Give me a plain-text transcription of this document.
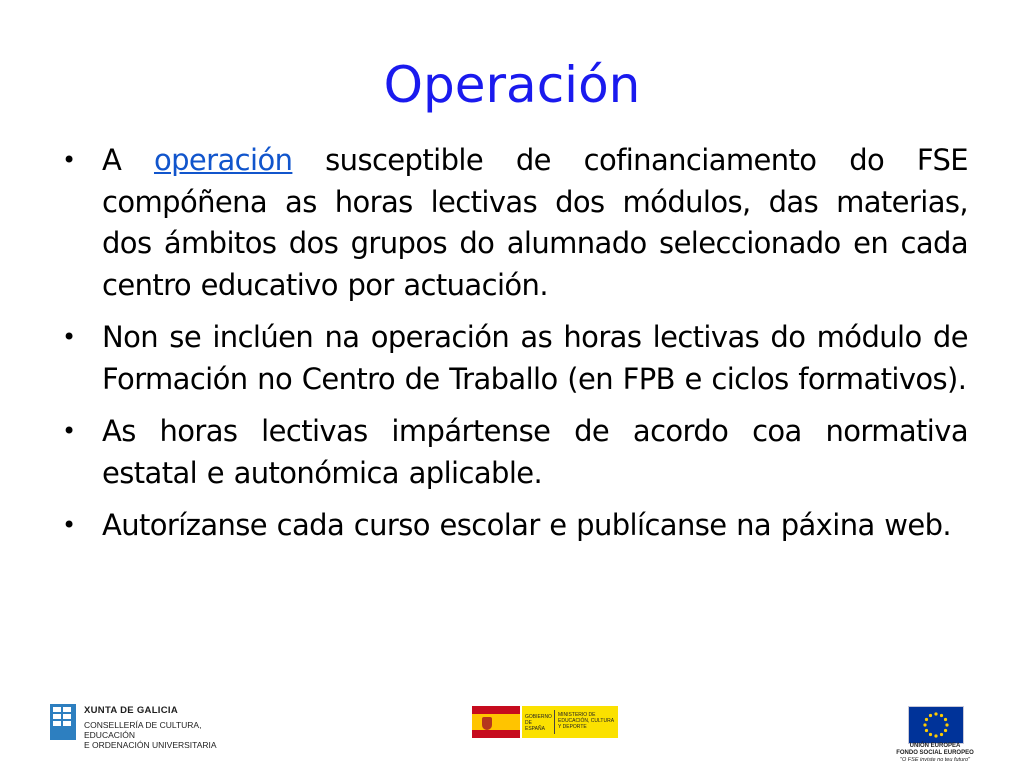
Operación
• A operación susceptible de cofinanciamento do FSE compóñena as horas lectivas dos módulos, das materias, dos ámbitos dos grupos do alumnado seleccionado en cada centro educativo por actuación.
• Non se inclúen na operación as horas lectivas do módulo de Formación no Centro de Traballo (en FPB e ciclos formativos).
• As horas lectivas impártense de acordo coa normativa estatal e autonómica aplicable.
• Autorízanse cada curso escolar e publícanse na páxina web.
XUNTA DE GALICIA
CONSELLERÍA DE CULTURA, EDUCACIÓN
E ORDENACIÓN UNIVERSITARIA
GOBIERNO DE ESPAÑA
MINISTERIO DE EDUCACIÓN, CULTURA Y DEPORTE
UNIÓN EUROPEA
FONDO SOCIAL EUROPEO
"O FSE inviste no teu futuro"
